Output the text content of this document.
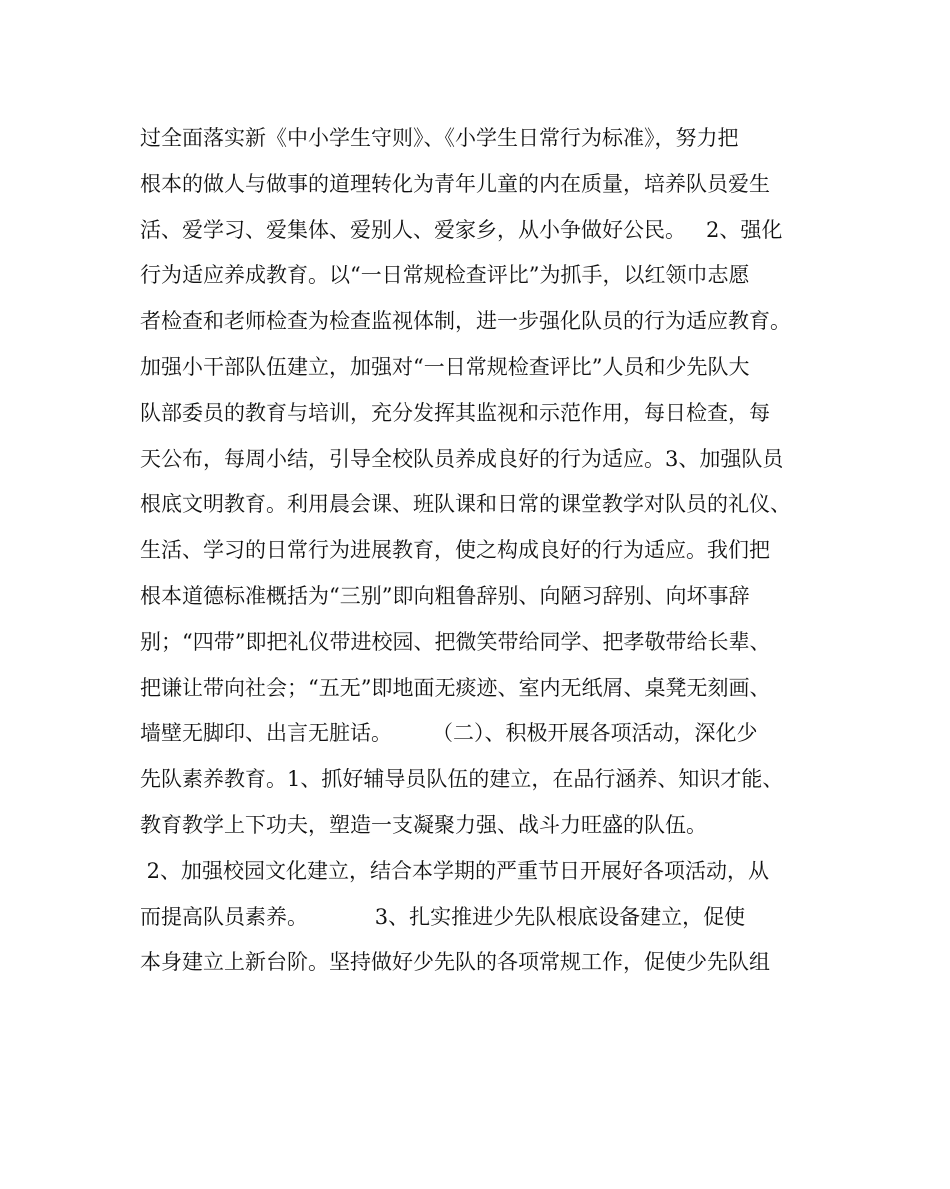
过全面落实新《中小学生守则》、《小学生日常行为标准》，努力把
根本的做人与做事的道理转化为青年儿童的内在质量，培养队员爱生
活、爱学习、爱集体、爱别人、爱家乡，从小争做好公民。   2、强化
行为适应养成教育。以“一日常规检查评比”为抓手，以红领巾志愿
者检查和老师检查为检查监视体制，进一步强化队员的行为适应教育。
加强小干部队伍建立，加强对“一日常规检查评比”人员和少先队大
队部委员的教育与培训，充分发挥其监视和示范作用，每日检查，每
天公布，每周小结，引导全校队员养成良好的行为适应。3、加强队员
根底文明教育。利用晨会课、班队课和日常的课堂教学对队员的礼仪、
生活、学习的日常行为进展教育，使之构成良好的行为适应。我们把
根本道德标准概括为“三别”即向粗鲁辞别、向陋习辞别、向坏事辞
别；“四带”即把礼仪带进校园、把微笑带给同学、把孝敬带给长辈、
把谦让带向社会；“五无”即地面无痰迹、室内无纸屑、桌凳无刻画、
墙壁无脚印、出言无脏话。      （二）、积极开展各项活动，深化少
先队素养教育。1、抓好辅导员队伍的建立，在品行涵养、知识才能、
教育教学上下功夫，塑造一支凝聚力强、战斗力旺盛的队伍。
2、加强校园文化建立，结合本学期的严重节日开展好各项活动，从
而提高队员素养。          3、扎实推进少先队根底设备建立，促使
本身建立上新台阶。坚持做好少先队的各项常规工作，促使少先队组
